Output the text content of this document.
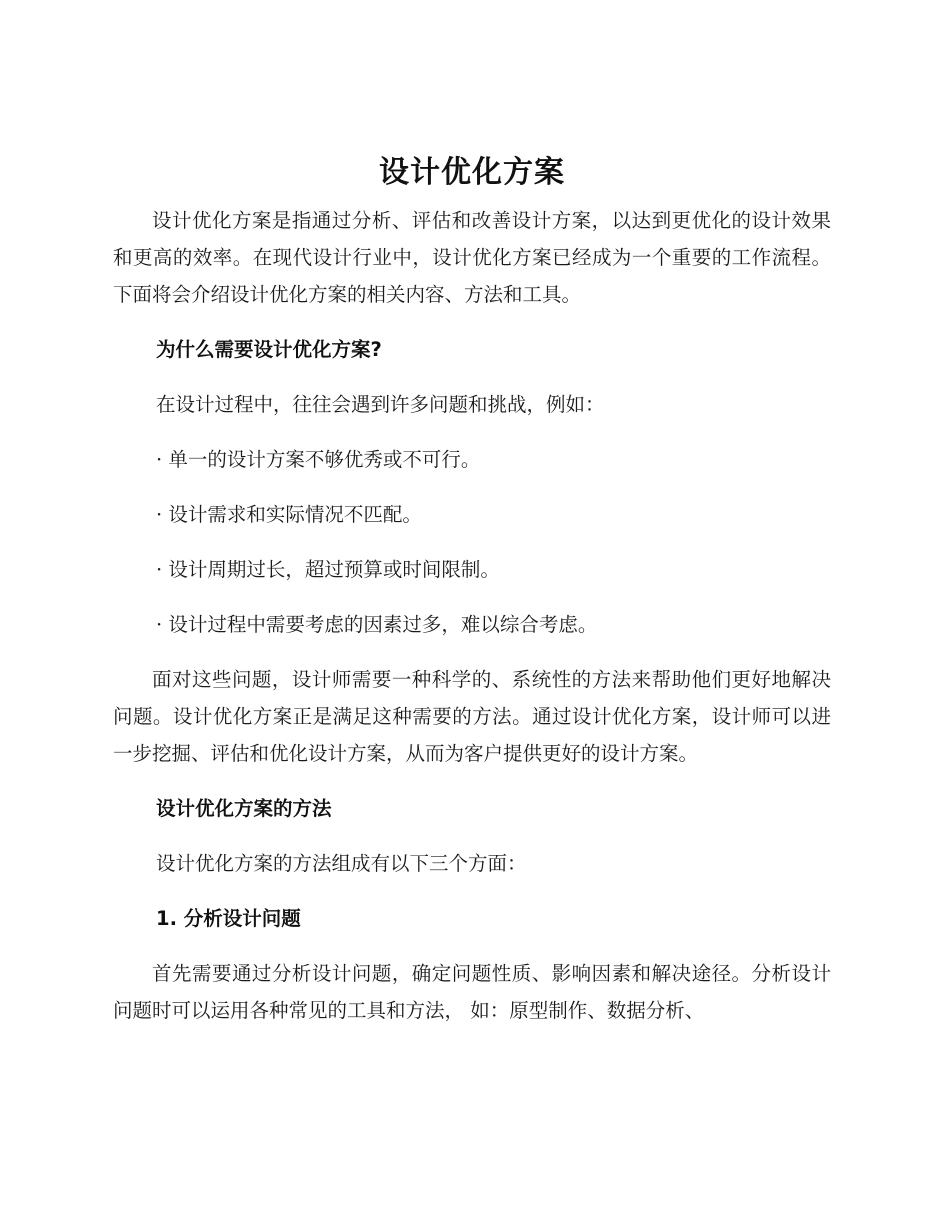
设计优化方案

设计优化方案是指通过分析、评估和改善设计方案，以达到更优化的设计效果和更高的效率。在现代设计行业中，设计优化方案已经成为一个重要的工作流程。下面将会介绍设计优化方案的相关内容、方法和工具。

为什么需要设计优化方案?
在设计过程中，往往会遇到许多问题和挑战，例如：
· 单一的设计方案不够优秀或不可行。
· 设计需求和实际情况不匹配。
· 设计周期过长，超过预算或时间限制。
· 设计过程中需要考虑的因素过多，难以综合考虑。

面对这些问题，设计师需要一种科学的、系统性的方法来帮助他们更好地解决问题。设计优化方案正是满足这种需要的方法。通过设计优化方案，设计师可以进一步挖掘、评估和优化设计方案，从而为客户提供更好的设计方案。

设计优化方案的方法
设计优化方案的方法组成有以下三个方面：
1. 分析设计问题

首先需要通过分析设计问题，确定问题性质、影响因素和解决途径。分析设计问题时可以运用各种常见的工具和方法， 如：原型制作、数据分析、
